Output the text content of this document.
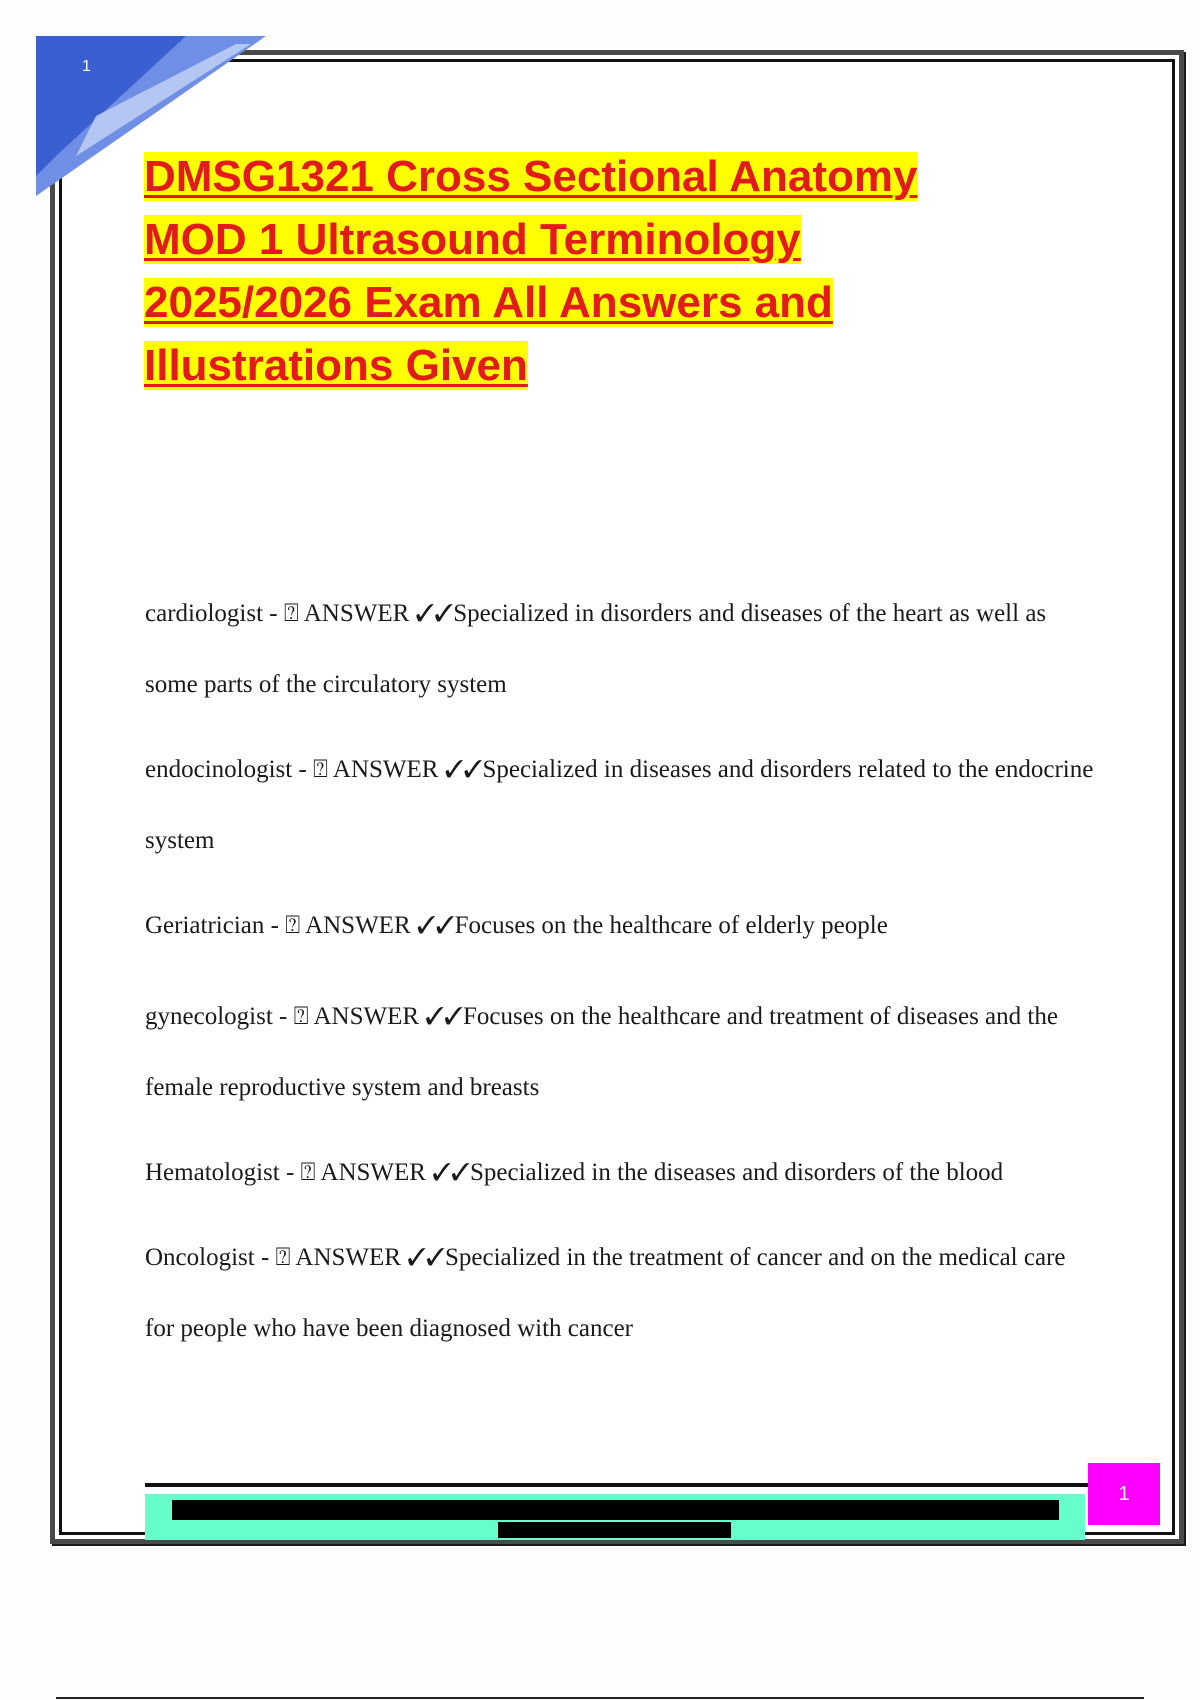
1
DMSG1321 Cross Sectional Anatomy
MOD 1 Ultrasound Terminology
2025/2026 Exam All Answers and
Illustrations Given

cardiologist - ⍰ ANSWER ✓✓Specialized in disorders and diseases of the heart as well as some parts of the circulatory system

endocinologist - ⍰ ANSWER ✓✓Specialized in diseases and disorders related to the endocrine system

Geriatrician - ⍰ ANSWER ✓✓Focuses on the healthcare of elderly people

gynecologist - ⍰ ANSWER ✓✓Focuses on the healthcare and treatment of diseases and the female reproductive system and breasts

Hematologist - ⍰ ANSWER ✓✓Specialized in the diseases and disorders of the blood

Oncologist - ⍰ ANSWER ✓✓Specialized in the treatment of cancer and on the medical care for people who have been diagnosed with cancer

1
